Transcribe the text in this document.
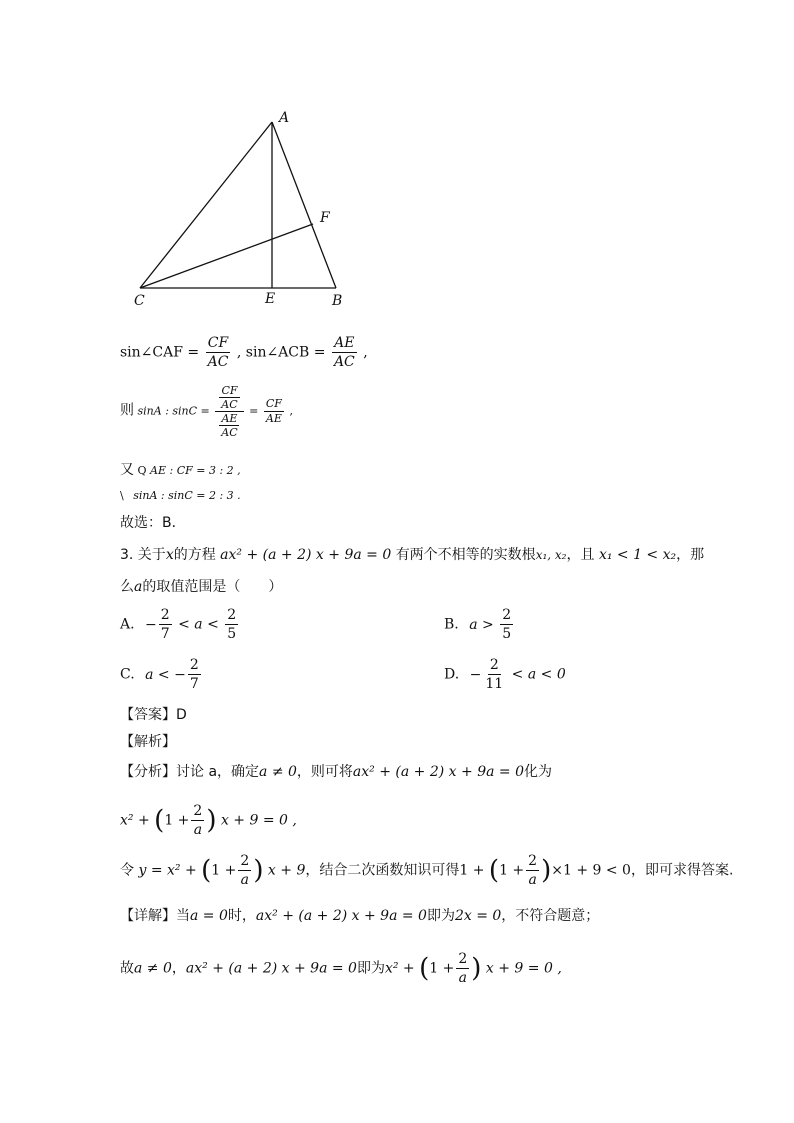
A
F
C	E	B
sin∠CAF = $\frac{CF}{AC}$ , sin∠ACB = $\frac{AE}{AC}$ ,
则 sinA : $\sin C = \frac{\frac{CF}{AC}}{\frac{AE}{AC}} = \frac{CF}{AE}$ ,
又 Q AE : CF = 3 : 2 ,
\ sinA : sinC = 2 : 3 .
故选：B．
3. 关于x的方程 ax² + (a + 2) x + 9a = 0 有两个不相等的实数根x₁, x₂，且 x₁ < 1 < x₂，那
么a的取值范围是（　　）
A. − $\frac{2}{7} < a < \frac{2}{5}$	B. $a > \frac{2}{5}$
C. a < − $\frac{2}{7}$	D. − $\frac{2}{11} < a < 0$
【答案】D
【解析】
【分析】讨论 a，确定a ≠ 0，则可将ax² + (a + 2) x + 9a = 0化为
$x^2 + (1 + \frac{2}{a}$ ) x + 9 = 0 ,
令 $y = x^2 + (1 + \frac{2}{a}$ ) x + 9，结合二次函数知识可得$1 + (1 + \frac{2}{a} )\times 1 + 9 < 0$，即可求得答案.
【详解】当a = 0时，ax² + (a + 2) x + 9a = 0即为2x = 0，不符合题意；
故a ≠ 0，ax² + (a + 2) x + 9a = 0即为$x^2 + (1 + \frac{2}{a}$ ) x + 9 = 0 ,
